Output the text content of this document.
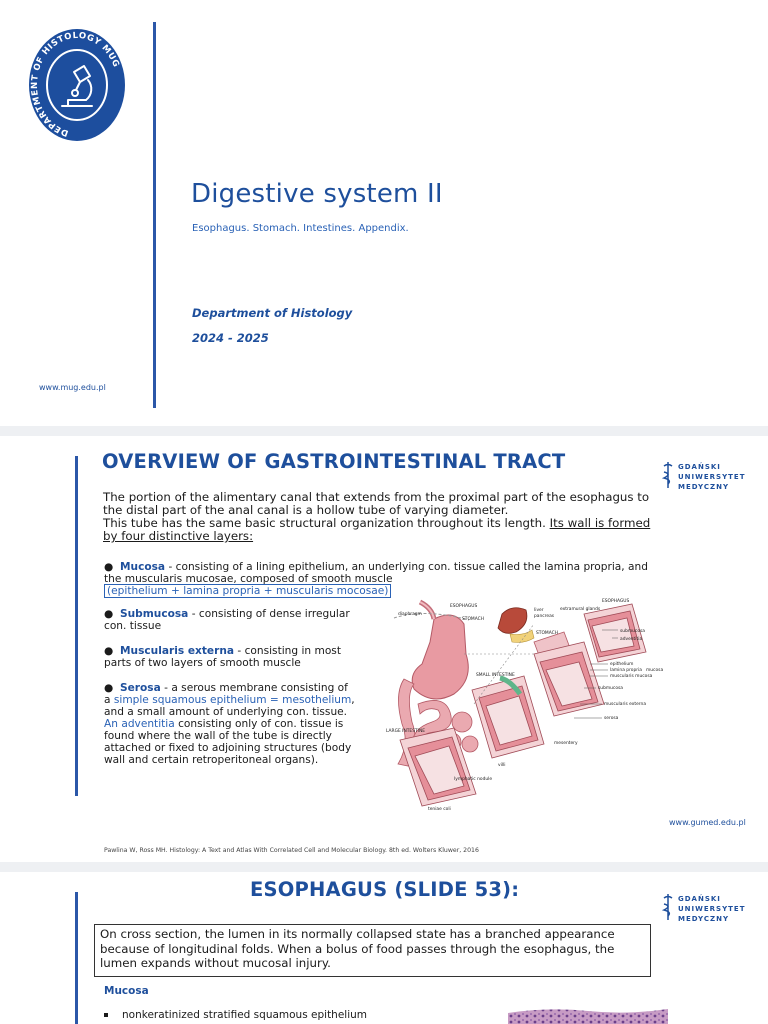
DEPARTMENT OF HISTOLOGY MUG
Digestive system II
Esophagus. Stomach. Intestines. Appendix.
Department of Histology
2024 - 2025
www.mug.edu.pl
OVERVIEW OF GASTROINTESTINAL TRACT	GDAŃSKI
UNIWERSYTET
MEDYCZNY
The portion of the alimentary canal that extends from the proximal part of the esophagus to the distal part of the anal canal is a hollow tube of varying diameter.
This tube has the same basic structural organization throughout its length. Its wall is formed by four distinctive layers:
●  Mucosa - consisting of a lining epithelium, an underlying con. tissue called the lamina propria, and the muscularis mucosae, composed of smooth muscle
(epithelium + lamina propria + muscularis mocosae)
●  Submucosa - consisting of dense irregular con. tissue
●  Muscularis externa - consisting in most parts of two layers of smooth muscle
●  Serosa - a serous membrane consisting of
a simple squamous epithelium = mesothelium,
and a small amount of underlying con. tissue.
An adventitia consisting only of con. tissue is found where the wall of the tube is directly attached or fixed to adjoining structures (body wall and certain retroperitoneal organs).
diaphragm
ESOPHAGUS
STOMACH
liver
pancreas
extramural glands
STOMACH
ESOPHAGUS
SMALL INTESTINE
submucosa
adventitia
epithelium
lamina propria
muscularis mucosa
mucosa
submucosa
muscularis externa
serosa
LARGE INTESTINE
mesentery
villi
lymphatic nodule
teniae coli
www.gumed.edu.pl
Pawlina W, Ross MH. Histology: A Text and Atlas With Correlated Cell and Molecular Biology. 8th ed. Wolters Kluwer, 2016
ESOPHAGUS (SLIDE 53):	GDAŃSKI
UNIWERSYTET
MEDYCZNY
On cross section, the lumen in its normally collapsed state has a branched appearance because of longitudinal folds. When a bolus of food passes through the esophagus, the lumen expands without mucosal injury.
Mucosa
nonkeratinized stratified squamous epithelium
